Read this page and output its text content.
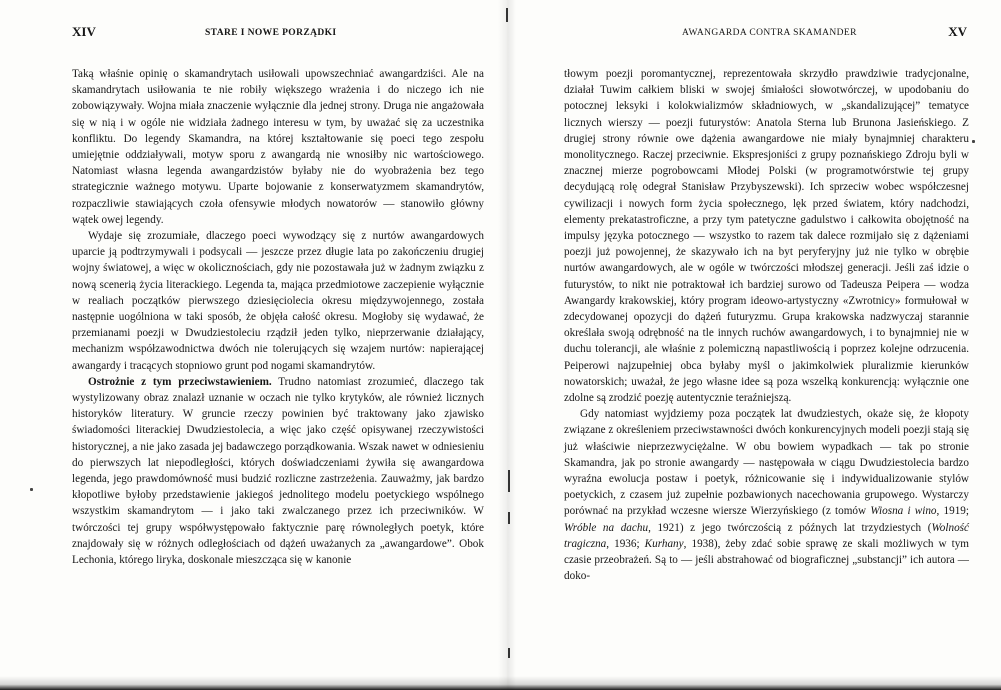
XIV	STARE I NOWE PORZĄDKI

Taką właśnie opinię o skamandrytach usiłowali upowszechniać awangardziści. Ale na skamandrytach usiłowania te nie robiły większego wrażenia i do niczego ich nie zobowiązywały. Wojna miała znaczenie wyłącznie dla jednej strony. Druga nie angażowała się w nią i w ogóle nie widziała żadnego interesu w tym, by uważać się za uczestnika konfliktu. Do legendy Skamandra, na której kształtowanie się poeci tego zespołu umiejętnie oddziaływali, motyw sporu z awangardą nie wnosiłby nic wartościowego. Natomiast własna legenda awangardzistów byłaby nie do wyobrażenia bez tego strategicznie ważnego motywu. Uparte bojowanie z konserwatyzmem skamandrytów, rozpaczliwie stawiających czoła ofensywie młodych nowatorów — stanowiło główny wątek owej legendy.

Wydaje się zrozumiałe, dlaczego poeci wywodzący się z nurtów awangardowych uparcie ją podtrzymywali i podsycali — jeszcze przez długie lata po zakończeniu drugiej wojny światowej, a więc w okolicznościach, gdy nie pozostawała już w żadnym związku z nową scenerią życia literackiego. Legenda ta, mająca przedmiotowe zaczepienie wyłącznie w realiach początków pierwszego dziesięciolecia okresu międzywojennego, została następnie uogólniona w taki sposób, że objęła całość okresu. Mogłoby się wydawać, że przemianami poezji w Dwudziestoleciu rządził jeden tylko, nieprzerwanie działający, mechanizm współzawodnictwa dwóch nie tolerujących się wzajem nurtów: napierającej awangardy i tracących stopniowo grunt pod nogami skamandrytów.

Ostrożnie z tym przeciwstawieniem. Trudno natomiast zrozumieć, dlaczego tak wystylizowany obraz znalazł uznanie w oczach nie tylko krytyków, ale również licznych historyków literatury. W gruncie rzeczy powinien być traktowany jako zjawisko świadomości literackiej Dwudziestolecia, a więc jako część opisywanej rzeczywistości historycznej, a nie jako zasada jej badawczego porządkowania. Wszak nawet w odniesieniu do pierwszych lat niepodległości, których doświadczeniami żywiła się awangardowa legenda, jego prawdomówność musi budzić rozliczne zastrzeżenia. Zauważmy, jak bardzo kłopotliwe byłoby przedstawienie jakiegoś jednolitego modelu poetyckiego wspólnego wszystkim skamandrytom — i jako taki zwalczanego przez ich przeciwników. W twórczości tej grupy współwystępowało faktycznie parę równoległych poetyk, które znajdowały się w różnych odległościach od dążeń uważanych za „awangardowe”. Obok Lechonia, którego liryka, doskonale mieszcząca się w kanonie

AWANGARDA CONTRA SKAMANDER	XV

tłowym poezji poromantycznej, reprezentowała skrzydło prawdziwie tradycjonalne, działał Tuwim całkiem bliski w swojej śmiałości słowotwórczej, w upodobaniu do potocznej leksyki i kolokwializmów składniowych, w „skandalizującej” tematyce licznych wierszy — poezji futurystów: Anatola Sterna lub Brunona Jasieńskiego. Z drugiej strony równie owe dążenia awangardowe nie miały bynajmniej charakteru monolitycznego. Raczej przeciwnie. Ekspresjoniści z grupy poznańskiego Zdroju byli w znacznej mierze pogrobowcami Młodej Polski (w programotwórstwie tej grupy decydującą rolę odegrał Stanisław Przybyszewski). Ich sprzeciw wobec współczesnej cywilizacji i nowych form życia społecznego, lęk przed światem, który nadchodzi, elementy prekatastroficzne, a przy tym patetyczne gadulstwo i całkowita obojętność na impulsy języka potocznego — wszystko to razem tak dalece rozmijało się z dążeniami poezji już powojennej, że skazywało ich na byt peryferyjny już nie tylko w obrębie nurtów awangardowych, ale w ogóle w twórczości młodszej generacji. Jeśli zaś idzie o futurystów, to nikt nie potraktował ich bardziej surowo od Tadeusza Peipera — wodza Awangardy krakowskiej, który program ideowo-artystyczny «Zwrotnicy» formułował w zdecydowanej opozycji do dążeń futuryzmu. Grupa krakowska nadzwyczaj starannie określała swoją odrębność na tle innych ruchów awangardowych, i to bynajmniej nie w duchu tolerancji, ale właśnie z polemiczną napastliwością i poprzez kolejne odrzucenia. Peiperowi najzupełniej obca byłaby myśl o jakimkolwiek pluralizmie kierunków nowatorskich; uważał, że jego własne idee są poza wszelką konkurencją: wyłącznie one zdolne są zrodzić poezję autentycznie teraźniejszą.

Gdy natomiast wyjdziemy poza początek lat dwudziestych, okaże się, że kłopoty związane z określeniem przeciwstawności dwóch konkurencyjnych modeli poezji stają się już właściwie nieprzezwyciężalne. W obu bowiem wypadkach — tak po stronie Skamandra, jak po stronie awangardy — następowała w ciągu Dwudziestolecia bardzo wyraźna ewolucja postaw i poetyk, różnicowanie się i indywidualizowanie stylów poetyckich, z czasem już zupełnie pozbawionych nacechowania grupowego. Wystarczy porównać na przykład wczesne wiersze Wierzyńskiego (z tomów Wiosna i wino, 1919; Wróble na dachu, 1921) z jego twórczością z późnych lat trzydziestych (Wolność tragiczna, 1936; Kurhany, 1938), żeby zdać sobie sprawę ze skali możliwych w tym czasie przeobrażeń. Są to — jeśli abstrahować od biograficznej „substancji” ich autora — doko-
